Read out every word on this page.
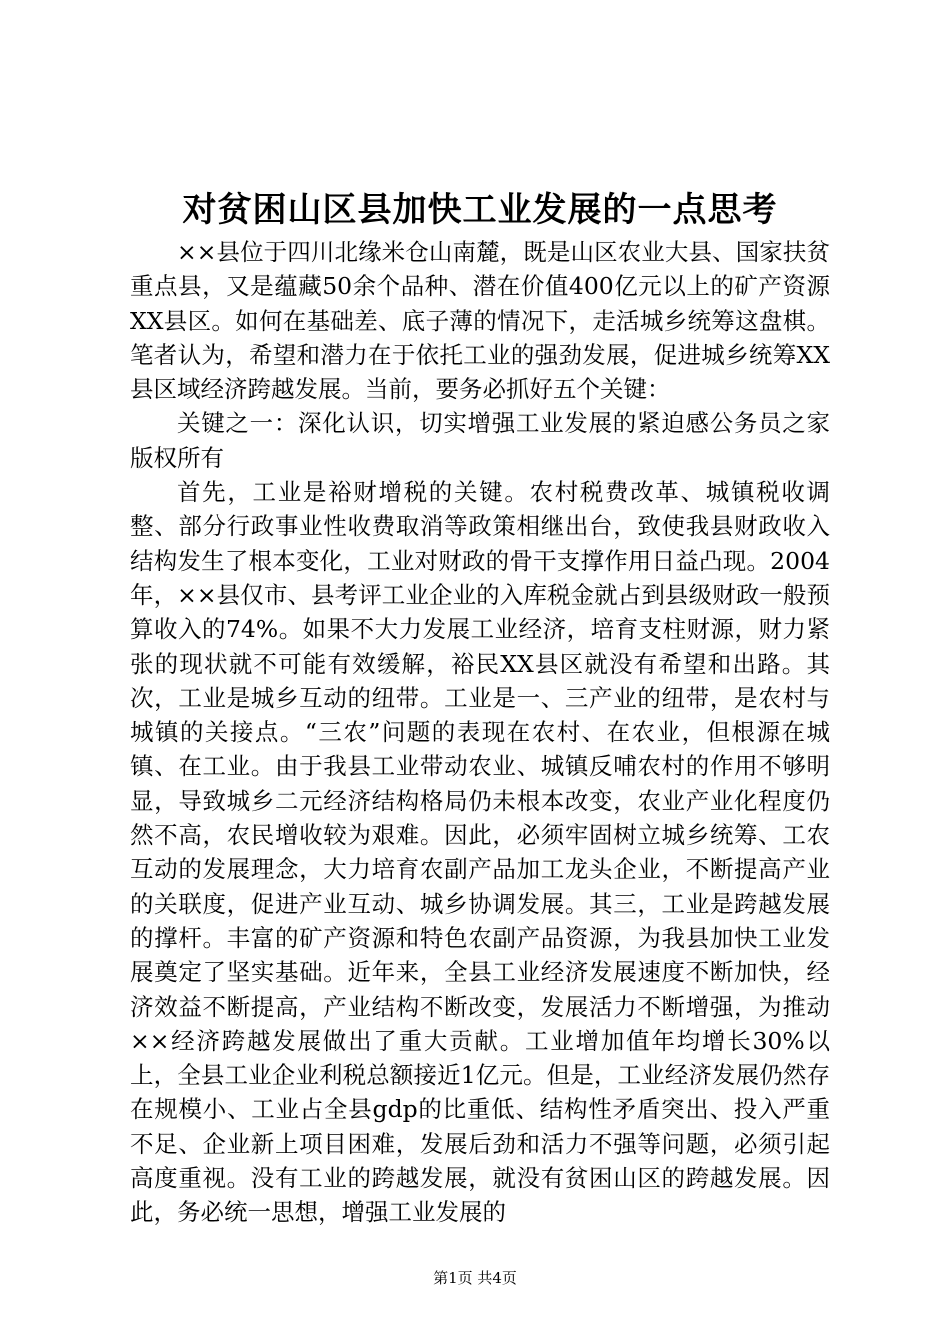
对贫困山区县加快工业发展的一点思考

××县位于四川北缘米仓山南麓，既是山区农业大县、国家扶贫重点县，又是蕴藏50余个品种、潜在价值400亿元以上的矿产资源XX县区。如何在基础差、底子薄的情况下，走活城乡统筹这盘棋。笔者认为，希望和潜力在于依托工业的强劲发展，促进城乡统筹XX县区域经济跨越发展。当前，要务必抓好五个关键：

关键之一：深化认识，切实增强工业发展的紧迫感公务员之家版权所有

首先，工业是裕财增税的关键。农村税费改革、城镇税收调整、部分行政事业性收费取消等政策相继出台，致使我县财政收入结构发生了根本变化，工业对财政的骨干支撑作用日益凸现。2004年，××县仅市、县考评工业企业的入库税金就占到县级财政一般预算收入的74%。如果不大力发展工业经济，培育支柱财源，财力紧张的现状就不可能有效缓解，裕民XX县区就没有希望和出路。其次，工业是城乡互动的纽带。工业是一、三产业的纽带，是农村与城镇的关接点。“三农”问题的表现在农村、在农业，但根源在城镇、在工业。由于我县工业带动农业、城镇反哺农村的作用不够明显，导致城乡二元经济结构格局仍未根本改变，农业产业化程度仍然不高，农民增收较为艰难。因此，必须牢固树立城乡统筹、工农互动的发展理念，大力培育农副产品加工龙头企业，不断提高产业的关联度，促进产业互动、城乡协调发展。其三，工业是跨越发展的撑杆。丰富的矿产资源和特色农副产品资源，为我县加快工业发展奠定了坚实基础。近年来，全县工业经济发展速度不断加快，经济效益不断提高，产业结构不断改变，发展活力不断增强，为推动××经济跨越发展做出了重大贡献。工业增加值年均增长30%以上，全县工业企业利税总额接近1亿元。但是，工业经济发展仍然存在规模小、工业占全县gdp的比重低、结构性矛盾突出、投入严重不足、企业新上项目困难，发展后劲和活力不强等问题，必须引起高度重视。没有工业的跨越发展，就没有贫困山区的跨越发展。因此，务必统一思想，增强工业发展的

第1页 共4页
